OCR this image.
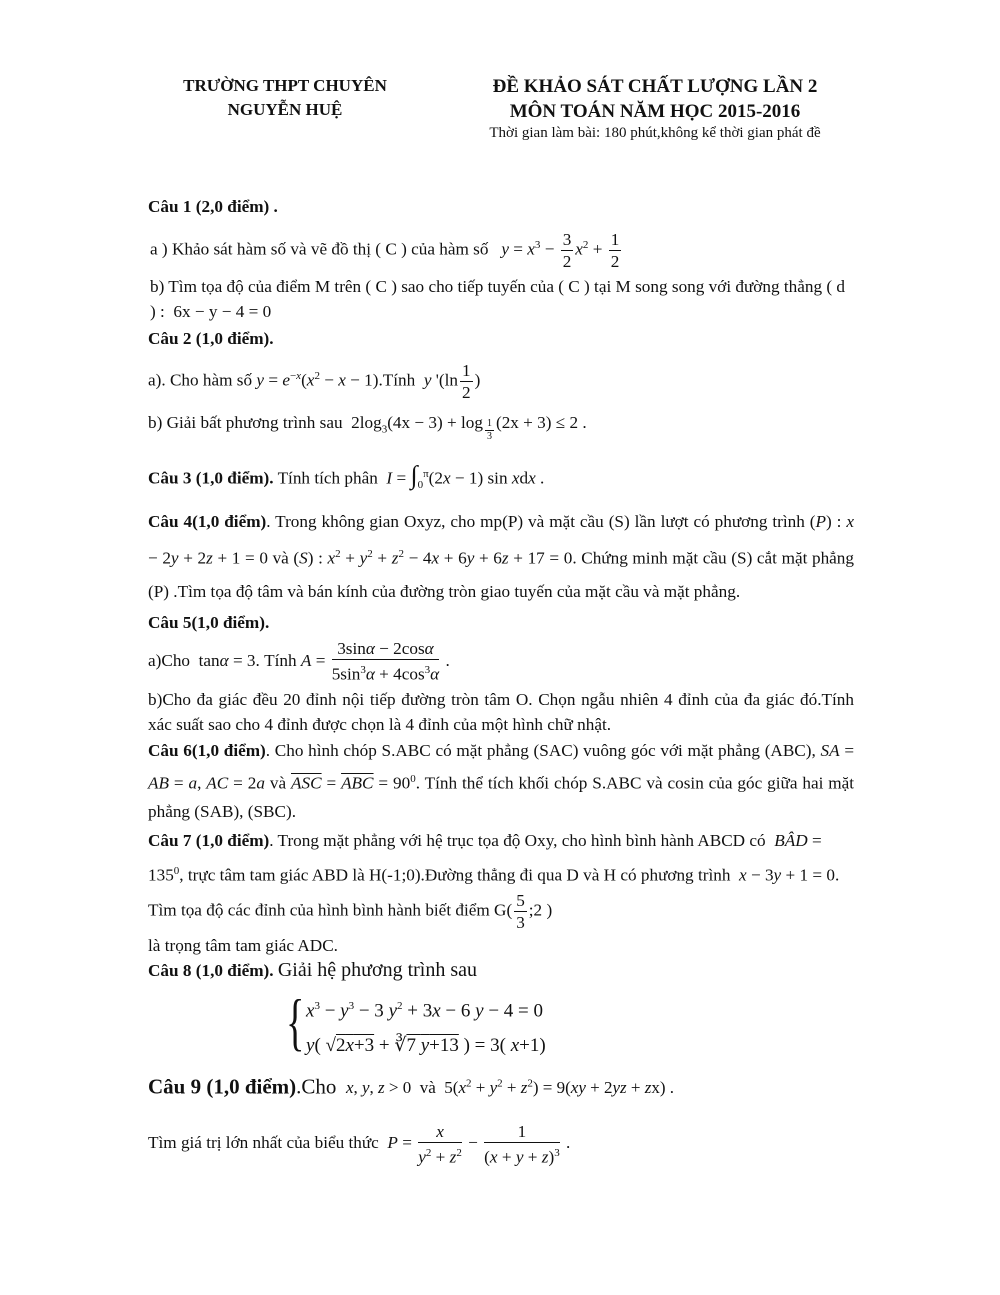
TRƯỜNG THPT CHUYÊN
NGUYỄN HUỆ
ĐỀ KHẢO SÁT CHẤT LƯỢNG LẦN 2
MÔN TOÁN NĂM HỌC 2015-2016
Thời gian làm bài: 180 phút,không kể thời gian phát đề

Câu 1 (2,0 điểm) .

a ) Khảo sát hàm số và vẽ đồ thị ( C ) của hàm số $y = x^3 - \frac{3}{2} x^2 + \frac{1}{2}$

b) Tìm tọa độ của điểm M trên ( C ) sao cho tiếp tuyến của ( C ) tại M song song với đường thẳng ( d ) : 6x − y − 4 = 0

Câu 2 (1,0 điểm).

a). Cho hàm số $y = e^{-x}(x^2 - x$ − 1).Tính y '($\ln \frac{1}{2}$ )

b) Giải bất phương trình sau  $2\log_3(4x - 3) + \log _{\frac{1}{3}}$ (2x + 3) ≤ 2 .

Câu 3 (1,0 điểm). Tính tích phân $I = \int_0^\pi(2x - 1)$ sin xdx .

Câu 4(1,0 điểm). Trong không gian Oxyz, cho mp(P) và mặt cầu (S) lần lượt có phương trình (P) : x − 2y + 2z + 1 = 0 và (S) : $x^2 + y^2 + z^2 - 4x + 6y + 6z + 17 = 0$. Chứng minh mặt cầu (S) cắt mặt phẳng (P) .Tìm tọa độ tâm và bán kính của đường tròn giao tuyến của mặt cầu và mặt phẳng.

Câu 5(1,0 điểm).

a)Cho  tanα = 3. Tính $A = \frac{3\sin\alpha - 2\cos\alpha}{5\sin^3\alpha + 4\cos^3\alpha}$ .

b)Cho đa giác đều 20 đỉnh nội tiếp đường tròn tâm O. Chọn ngẫu nhiên 4 đỉnh của đa giác đó.Tính xác suất sao cho 4 đỉnh được chọn là 4 đỉnh của một hình chữ nhật.

Câu 6(1,0 điểm). Cho hình chóp S.ABC có mặt phẳng (SAC) vuông góc với mặt phẳng (ABC), SA = AB = a, AC = 2a và $\overline{ASC} = \overline{ABC} = 90^0$. Tính thể tích khối chóp S.ABC và cosin của góc giữa hai mặt phẳng (SAB), (SBC).

Câu 7 (1,0 điểm). Trong mặt phẳng với hệ trục tọa độ Oxy, cho hình bình hành ABCD có BÂD = $135^0$, trực tâm tam giác ABD là H(-1;0).Đường thẳng đi qua D và H có phương trình x − 3y + 1 = 0. Tìm tọa độ các đỉnh của hình bình hành biết điểm $G( \frac{5}{3}$ ;2 )

là trọng tâm tam giác ADC.

Câu 8 (1,0 điểm). Giải hệ phương trình sau

{ $x^3 - y^3 - 3$ $y^2 + 3x - 6$ y − 4 = 0
y( √2x+3 + ∛7 y+13 ) = 3( x+1)

Câu 9 (1,0 điểm).Cho x, y, z > 0  và  $5(x^2 + y^2 + z^2) = 9(xy + 2yz + zx)$ .

Tìm giá trị lớn nhất của biểu thức $P = \frac{x}{y^2 + z^2} - \frac{1}{(x + y + z)^3}$ .
